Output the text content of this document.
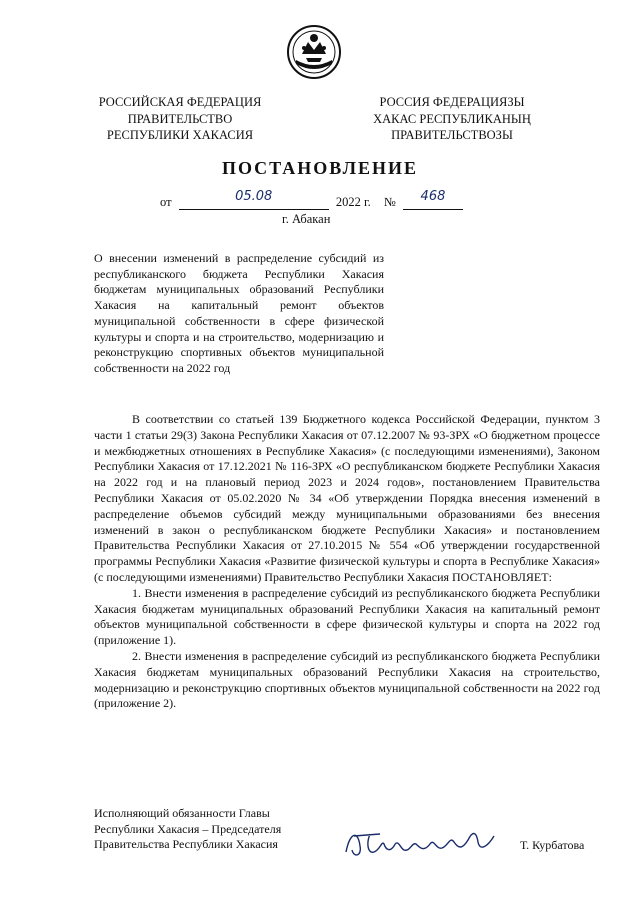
РОССИЙСКАЯ ФЕДЕРАЦИЯ
ПРАВИТЕЛЬСТВО
РЕСПУБЛИКИ ХАКАСИЯ
РОССИЯ ФЕДЕРАЦИЯЗЫ
ХАКАС РЕСПУБЛИКАНЫҢ
ПРАВИТЕЛЬСТВОЗЫ
ПОСТАНОВЛЕНИЕ
от	05.08	2022 г. № 468
г. Абакан
О внесении изменений в распределение субсидий из республиканского бюджета Республики Хакасия бюджетам муниципальных образований Республики Хакасия на капитальный ремонт объектов муниципальной собственности в сфере физической культуры и спорта и на строительство, модернизацию и реконструкцию спортивных объектов муниципальной собственности на 2022 год

В соответствии со статьей 139 Бюджетного кодекса Российской Федерации, пунктом 3 части 1 статьи 29(3) Закона Республики Хакасия от 07.12.2007 № 93-ЗРХ «О бюджетном процессе и межбюджетных отношениях в Республике Хакасия» (с последующими изменениями), Законом Республики Хакасия от 17.12.2021 № 116-ЗРХ «О республиканском бюджете Республики Хакасия на 2022 год и на плановый период 2023 и 2024 годов», постановлением Правительства Республики Хакасия от 05.02.2020 № 34 «Об утверждении Порядка внесения изменений в распределение объемов субсидий между муниципальными образованиями без внесения изменений в закон о республиканском бюджете Республики Хакасия» и постановлением Правительства Республики Хакасия от 27.10.2015 № 554 «Об утверждении государственной программы Республики Хакасия «Развитие физической культуры и спорта в Республике Хакасия» (с последующими изменениями) Правительство Республики Хакасия ПОСТАНОВЛЯЕТ:

1. Внести изменения в распределение субсидий из республиканского бюджета Республики Хакасия бюджетам муниципальных образований Республики Хакасия на капитальный ремонт объектов муниципальной собственности в сфере физической культуры и спорта на 2022 год (приложение 1).

2. Внести изменения в распределение субсидий из республиканского бюджета Республики Хакасия бюджетам муниципальных образований Республики Хакасия на строительство, модернизацию и реконструкцию спортивных объектов муниципальной собственности на 2022 год (приложение 2).

Исполняющий обязанности Главы
Республики Хакасия – Председателя
Правительства Республики Хакасия	Т. Курбатова
